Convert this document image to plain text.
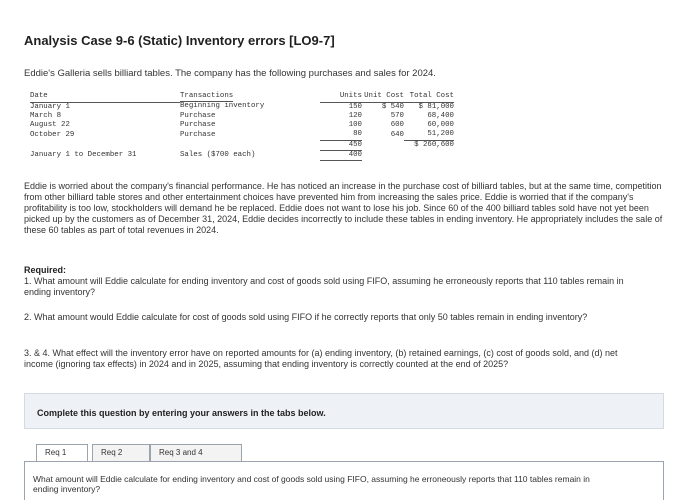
Analysis Case 9-6 (Static) Inventory errors [LO9-7]
Eddie's Galleria sells billiard tables. The company has the following purchases and sales for 2024.
Date	Transactions	Units	Unit Cost	Total Cost
January 1	Beginning inventory	150	$ 540	$ 81,000
March 8	Purchase	120	570	68,400
August 22	Purchase	100	600	60,000
October 29	Purchase	80	640	51,200
		450		$ 260,600
January 1 to December 31	Sales ($700 each)	400		
Eddie is worried about the company's financial performance. He has noticed an increase in the purchase cost of billiard tables, but at the same time, competition from other billiard table stores and other entertainment choices have prevented him from increasing the sales price. Eddie is worried that if the company's profitability is too low, stockholders will demand he be replaced. Eddie does not want to lose his job. Since 60 of the 400 billiard tables sold have not yet been picked up by the customers as of December 31, 2024, Eddie decides incorrectly to include these tables in ending inventory. He appropriately includes the sale of these 60 tables as part of total revenues in 2024.
Required:
1. What amount will Eddie calculate for ending inventory and cost of goods sold using FIFO, assuming he erroneously reports that 110 tables remain in ending inventory?
2. What amount would Eddie calculate for cost of goods sold using FIFO if he correctly reports that only 50 tables remain in ending inventory?
3. & 4. What effect will the inventory error have on reported amounts for (a) ending inventory, (b) retained earnings, (c) cost of goods sold, and (d) net income (ignoring tax effects) in 2024 and in 2025, assuming that ending inventory is correctly counted at the end of 2025?
Complete this question by entering your answers in the tabs below.
Req 1	Req 2	Req 3 and 4
What amount will Eddie calculate for ending inventory and cost of goods sold using FIFO, assuming he erroneously reports that 110 tables remain in ending inventory?
